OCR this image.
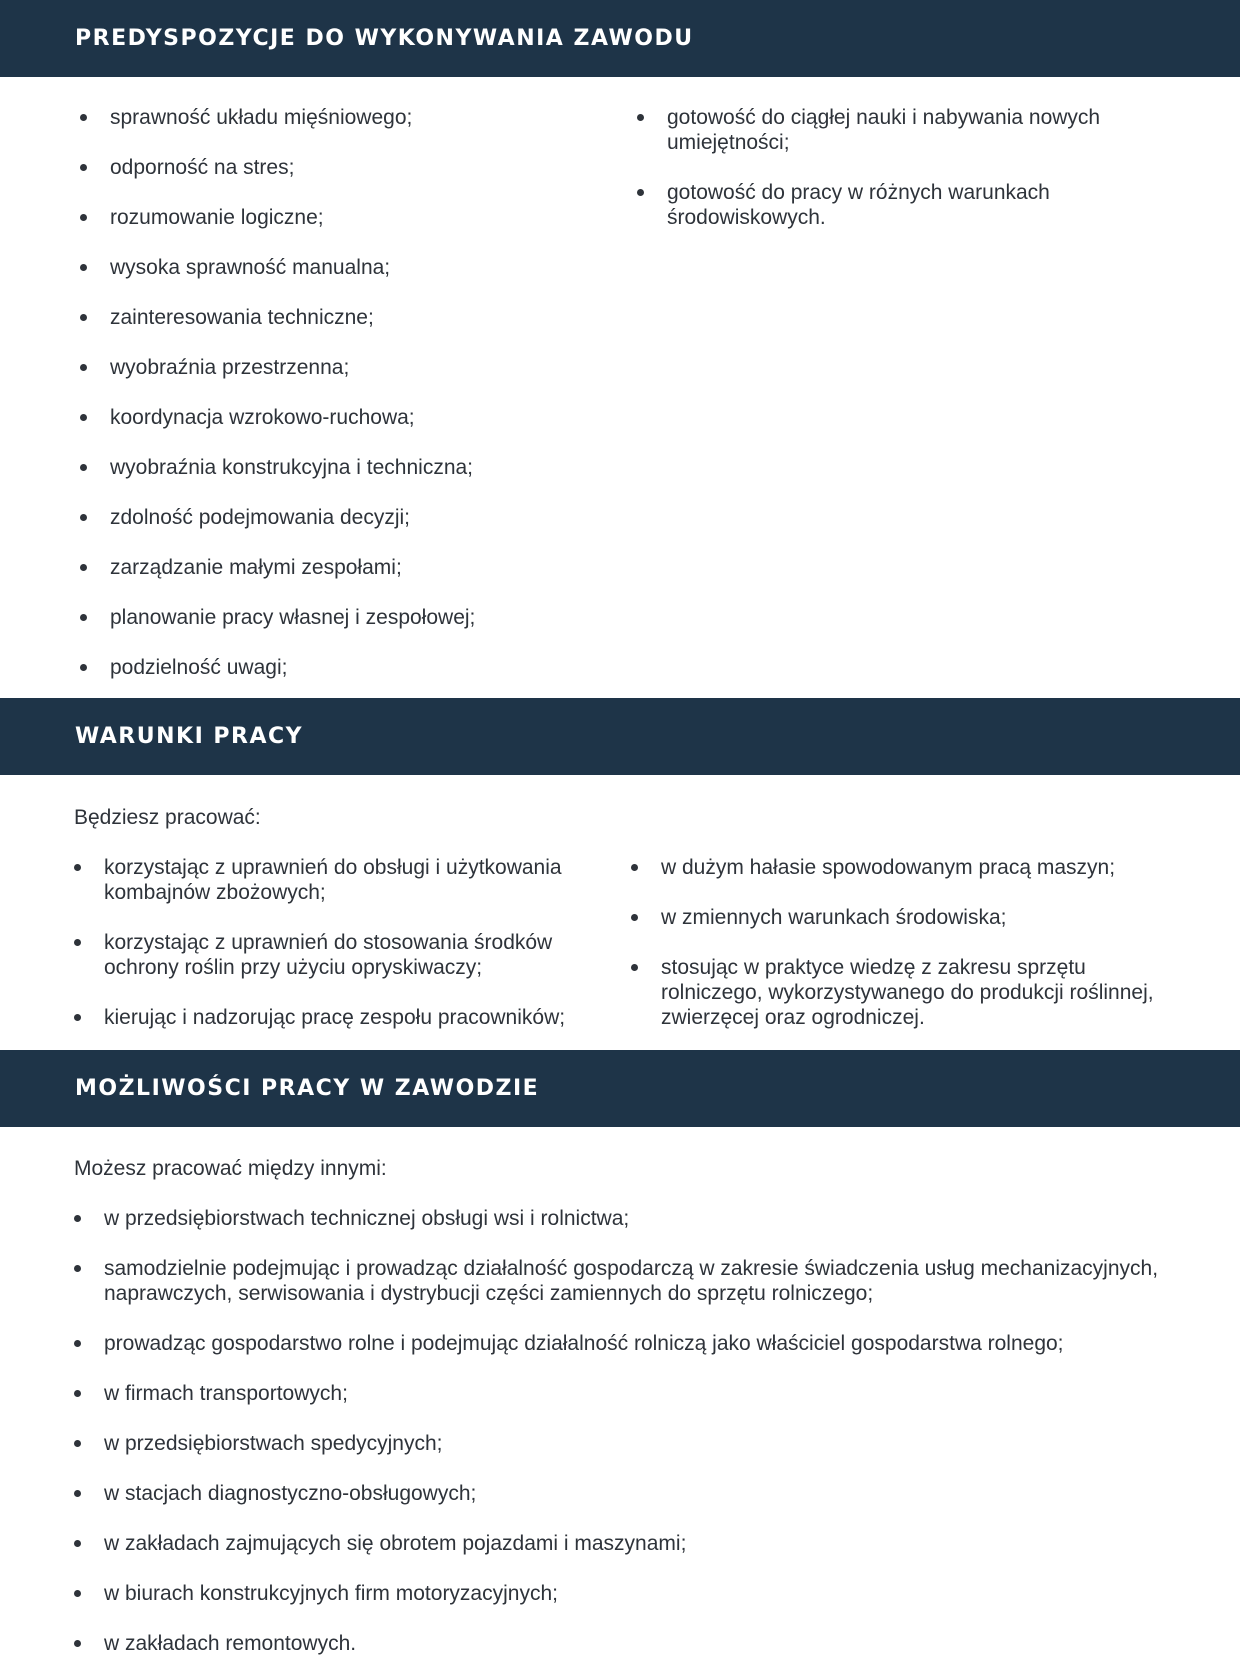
PREDYSPOZYCJE DO WYKONYWANIA ZAWODU
sprawność układu mięśniowego;
odporność na stres;
rozumowanie logiczne;
wysoka sprawność manualna;
zainteresowania techniczne;
wyobraźnia przestrzenna;
koordynacja wzrokowo-ruchowa;
wyobraźnia konstrukcyjna i techniczna;
zdolność podejmowania decyzji;
zarządzanie małymi zespołami;
planowanie pracy własnej i zespołowej;
podzielność uwagi;
gotowość do ciągłej nauki i nabywania nowych umiejętności;
gotowość do pracy w różnych warunkach środowiskowych.
WARUNKI PRACY

Będziesz pracować:

korzystając z uprawnień do obsługi i użytkowania kombajnów zbożowych;
korzystając z uprawnień do stosowania środków ochrony roślin przy użyciu opryskiwaczy;
kierując i nadzorując pracę zespołu pracowników;
w dużym hałasie spowodowanym pracą maszyn;
w zmiennych warunkach środowiska;
stosując w praktyce wiedzę z zakresu sprzętu rolniczego, wykorzystywanego do produkcji roślinnej, zwierzęcej oraz ogrodniczej.
MOŻLIWOŚCI PRACY W ZAWODZIE

Możesz pracować między innymi:

w przedsiębiorstwach technicznej obsługi wsi i rolnictwa;
samodzielnie podejmując i prowadząc działalność gospodarczą w zakresie świadczenia usług mechanizacyjnych, naprawczych, serwisowania i dystrybucji części zamiennych do sprzętu rolniczego;
prowadząc gospodarstwo rolne i podejmując działalność rolniczą jako właściciel gospodarstwa rolnego;
w firmach transportowych;
w przedsiębiorstwach spedycyjnych;
w stacjach diagnostyczno-obsługowych;
w zakładach zajmujących się obrotem pojazdami i maszynami;
w biurach konstrukcyjnych firm motoryzacyjnych;
w zakładach remontowych.
